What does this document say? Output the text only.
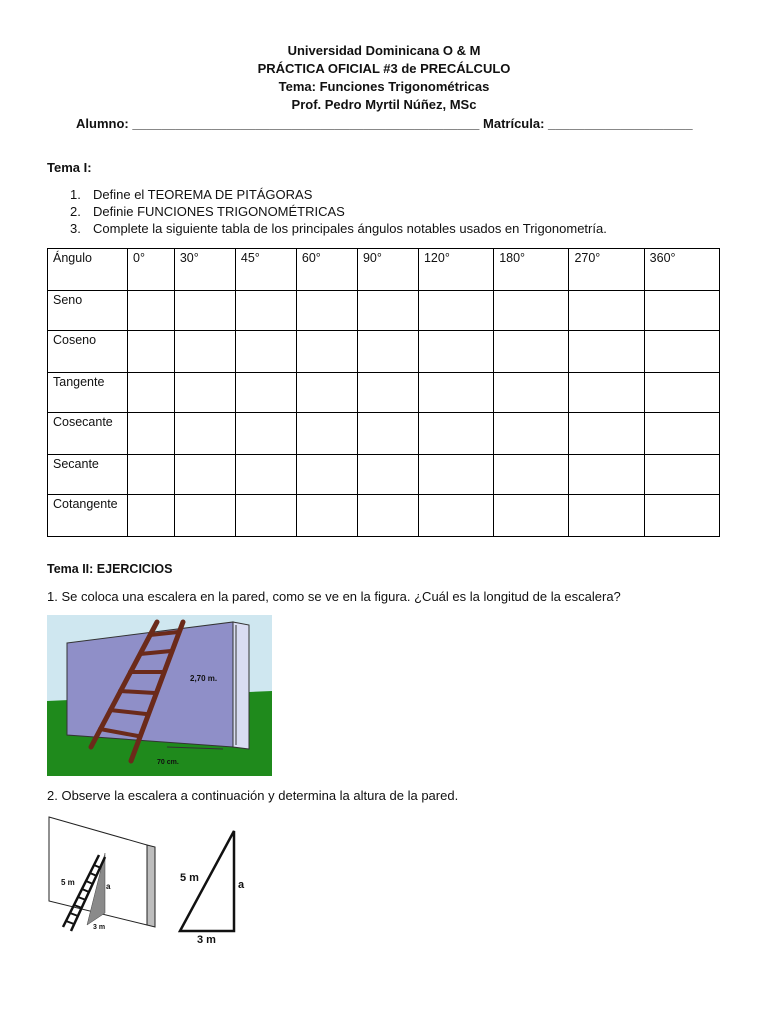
Universidad Dominicana O & M
PRÁCTICA OFICIAL #3 de PRECÁLCULO
Tema: Funciones Trigonométricas
Prof. Pedro Myrtil Núñez, MSc
Alumno: ________________________________________________ Matrícula: ____________________
Tema I:
1. Define el TEOREMA DE PITÁGORAS
2. Definie FUNCIONES TRIGONOMÉTRICAS
3. Complete la siguiente tabla de los principales ángulos notables usados en Trigonometría.
Ángulo	0°	30°	45°	60°	90°	120°	180°	270°	360°
Seno									
Coseno									
Tangente									
Cosecante									
Secante									
Cotangente									
Tema II: EJERCICIOS
1. Se coloca una escalera en la pared, como se ve en la figura. ¿Cuál es la longitud de la escalera?
2,70 m.
70 cm.
2. Observe la escalera a continuación y determina la altura de la pared.
5 m	a
3 m
5 m
a
3 m
